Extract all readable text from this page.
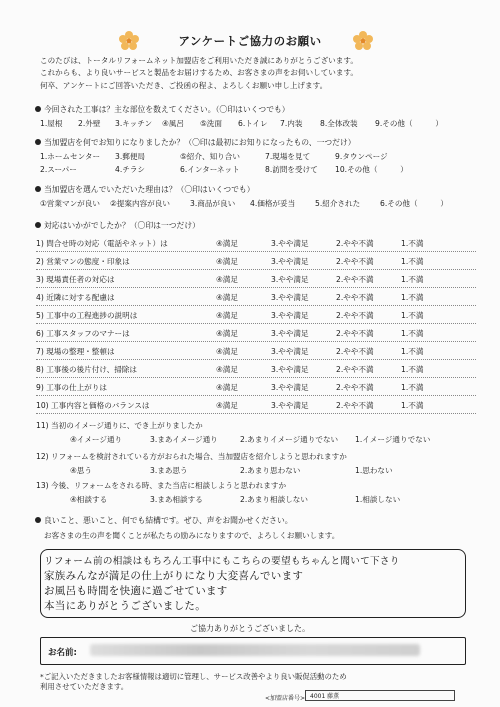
アンケートご協力のお願い
このたびは、トータルリフォームネット加盟店をご利用いただき誠にありがとうございます。
これからも、より良いサービスと製品をお届けするため、お客さまの声をお伺いしています。
何卒、アンケートにご回答いただき、ご投函の程よ、よろしくお願い申し上げます。
今回された工事は？主な部位を数えてください。（〇印はいくつでも）
1.屋根 2.外壁 3.キッチン ④風呂 ⑤洗面 6.トイレ 7.内装 8.全体改装 9.その他（　　　）
当加盟店を何でお知りになりましたか？（〇印は最初にお知りになったもの、一つだけ）
1.ホームセンター 3.郵便局	⑤紹介、知り合い	7.現場を見て	9.タウンページ
2.スーパー	4.チラシ	6.インターネット	8.訪問を受けて 10.その他（　　　）
当加盟店を選んでいただいた理由は？（〇印はいくつでも）
①営業マンが良い ②提案内容が良い	3.商品が良い 4.価格が妥当	5.紹介された	6.その他（　　　）
対応はいかがでしたか？（〇印は一つだけ）
1) 問合せ時の対応（電話やネット）は	④満足	3.やや満足	2.やや不満	1.不満
2) 営業マンの態度・印象は	④満足	3.やや満足	2.やや不満	1.不満
3) 現場責任者の対応は	④満足	3.やや満足	2.やや不満	1.不満
4) 近隣に対する配慮は	④満足	3.やや満足	2.やや不満	1.不満
5) 工事中の工程進捗の説明は	④満足	3.やや満足	2.やや不満	1.不満
6) 工事スタッフのマナーは	④満足	3.やや満足	2.やや不満	1.不満
7) 現場の整理・整頓は	④満足	3.やや満足	2.やや不満	1.不満
8) 工事後の後片付け、掃除は	④満足	3.やや満足	2.やや不満	1.不満
9) 工事の仕上がりは	④満足	3.やや満足	2.やや不満	1.不満
10) 工事内容と価格のバランスは	④満足	3.やや満足	2.やや不満	1.不満
11) 当初のイメージ通りに、でき上がりましたか
④イメージ通り	3.まあイメージ通り	2.あまりイメージ通りでない 1.イメージ通りでない
12) リフォームを検討されている方がおられた場合、当加盟店を紹介しようと思われますか
④思う	3.まあ思う	2.あまり思わない	1.思わない
13) 今後、リフォームをされる時、また当店に相談しようと思われますか
④相談する	3.まあ相談する	2.あまり相談しない	1.相談しない
良いこと、悪いこと、何でも結構です。ぜひ、声をお聞かせください。
お客さまの生の声を聞くことが私たちの励みになりますので、よろしくお願いします。
リフォーム前の相談はもちろん工事中にもこちらの要望もちゃんと聞いて下さり
家族みんなが満足の仕上がりになり大変喜んでいます
お風呂も時間を快適に過ごせています
本当にありがとうございました。
ご協力ありがとうございました。
お名前:
*ご記入いただきましたお客様情報は適切に管理し、サービス改善やより良い販促活動のため
利用させていただきます。
<加盟店番号> 4001 藤薫
